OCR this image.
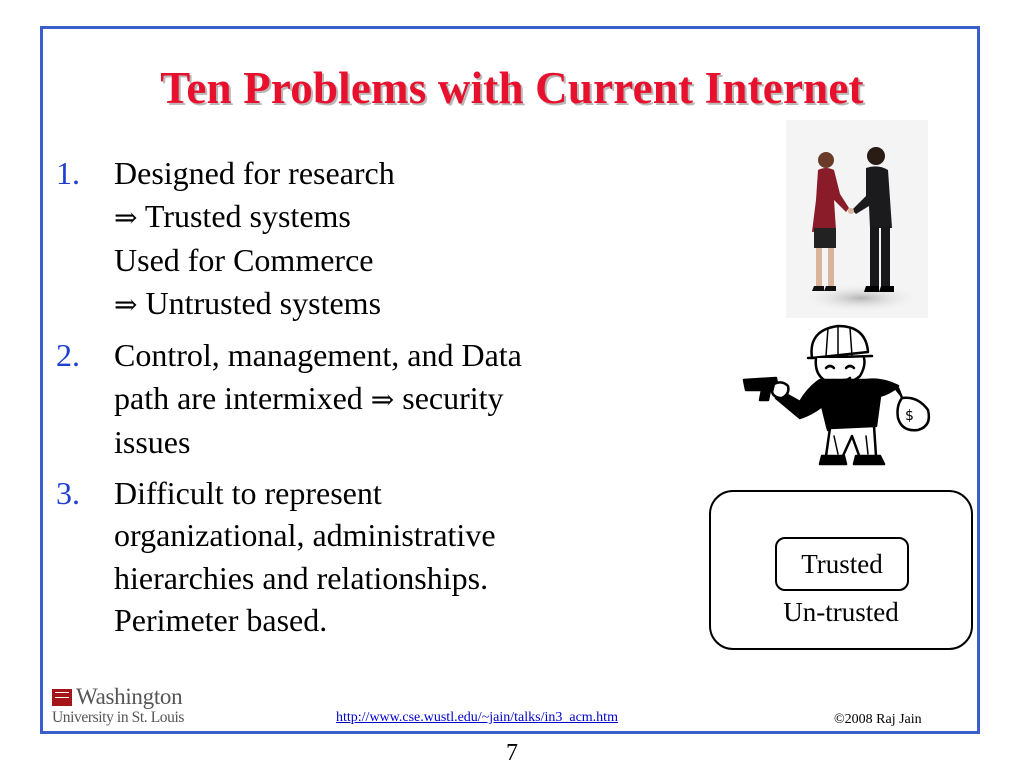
Ten Problems with Current Internet
1. Designed for research
⇒ Trusted systems
Used for Commerce
⇒ Untrusted systems
2. Control, management, and Data
path are intermixed ⇒ security
issues
3. Difficult to represent
organizational, administrative
hierarchies and relationships.
Perimeter based.
$
Trusted
Un-trusted
Washington
University in St. Louis	http://www.cse.wustl.edu/~jain/talks/in3_acm.htm	©2008 Raj Jain
7
